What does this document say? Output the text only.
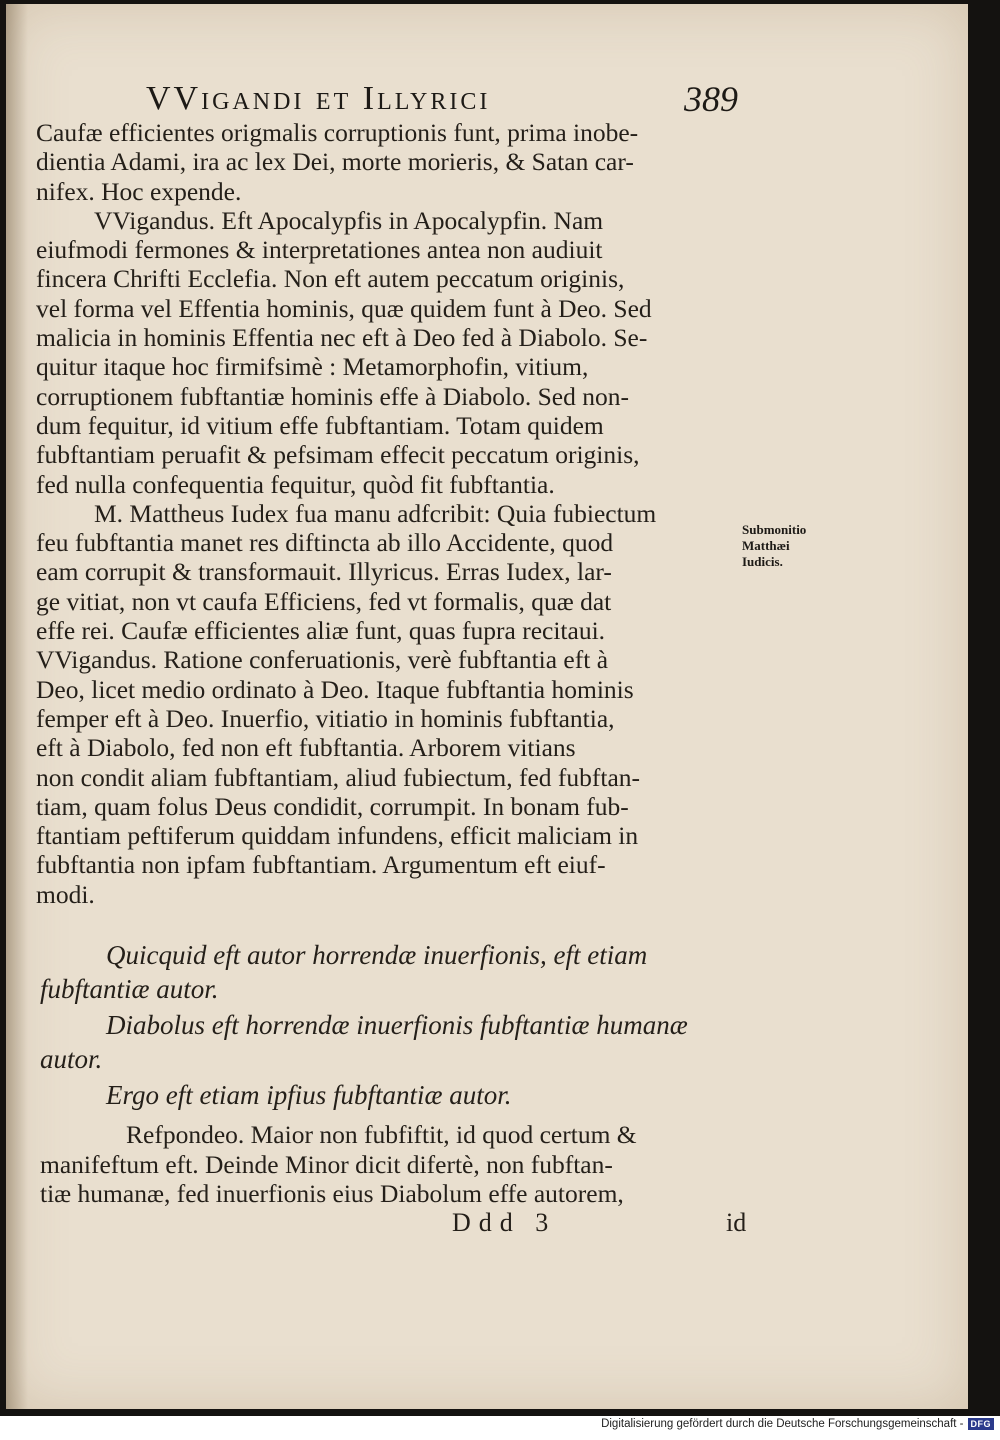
VVigandi et Illyrici	389
Caufæ efficientes origmalis corruptionis funt, prima inobe-
dientia Adami, ira ac lex Dei, morte morieris, & Satan car-
nifex. Hoc expende.
VVigandus. Eft Apocalypfis in Apocalypfin. Nam
eiufmodi fermones & interpretationes antea non audiuit
fincera Chrifti Ecclefia. Non eft autem peccatum originis,
vel forma vel Effentia hominis, quæ quidem funt à Deo. Sed
malicia in hominis Effentia nec eft à Deo fed à Diabolo. Se-
quitur itaque hoc firmifsimè : Metamorphofin, vitium,
corruptionem fubftantiæ hominis effe à Diabolo. Sed non-
dum fequitur, id vitium effe fubftantiam. Totam quidem
fubftantiam peruafit & pefsimam effecit peccatum originis,
fed nulla confequentia fequitur, quòd fit fubftantia.
M. Mattheus Iudex fua manu adfcribit: Quia fubiectum
feu fubftantia manet res diftincta ab illo Accidente, quod
eam corrupit & transformauit. Illyricus. Erras Iudex, lar-
ge vitiat, non vt caufa Efficiens, fed vt formalis, quæ dat
effe rei. Caufæ efficientes aliæ funt, quas fupra recitaui.
VVigandus. Ratione conferuationis, verè fubftantia eft à
Deo, licet medio ordinato à Deo. Itaque fubftantia hominis
femper eft à Deo. Inuerfio, vitiatio in hominis fubftantia,
eft à Diabolo, fed non eft fubftantia. Arborem vitians
non condit aliam fubftantiam, aliud fubiectum, fed fubftan-
tiam, quam folus Deus condidit, corrumpit. In bonam fub-
ftantiam peftiferum quiddam infundens, efficit maliciam in
fubftantia non ipfam fubftantiam. Argumentum eft eiuf-
modi.
Submonitio
Matthæi
Iudicis.
Quicquid eft autor horrendæ inuerfionis, eft etiam
fubftantiæ autor.
Diabolus eft horrendæ inuerfionis fubftantiæ humanæ
autor.
Ergo eft etiam ipfius fubftantiæ autor.
Refpondeo. Maior non fubfiftit, id quod certum &
manifeftum eft. Deinde Minor dicit difertè, non fubftan-
tiæ humanæ, fed inuerfionis eius Diabolum effe autorem,
Ddd 3	id
Digitalisierung gefördert durch die Deutsche Forschungsgemeinschaft - DFG
